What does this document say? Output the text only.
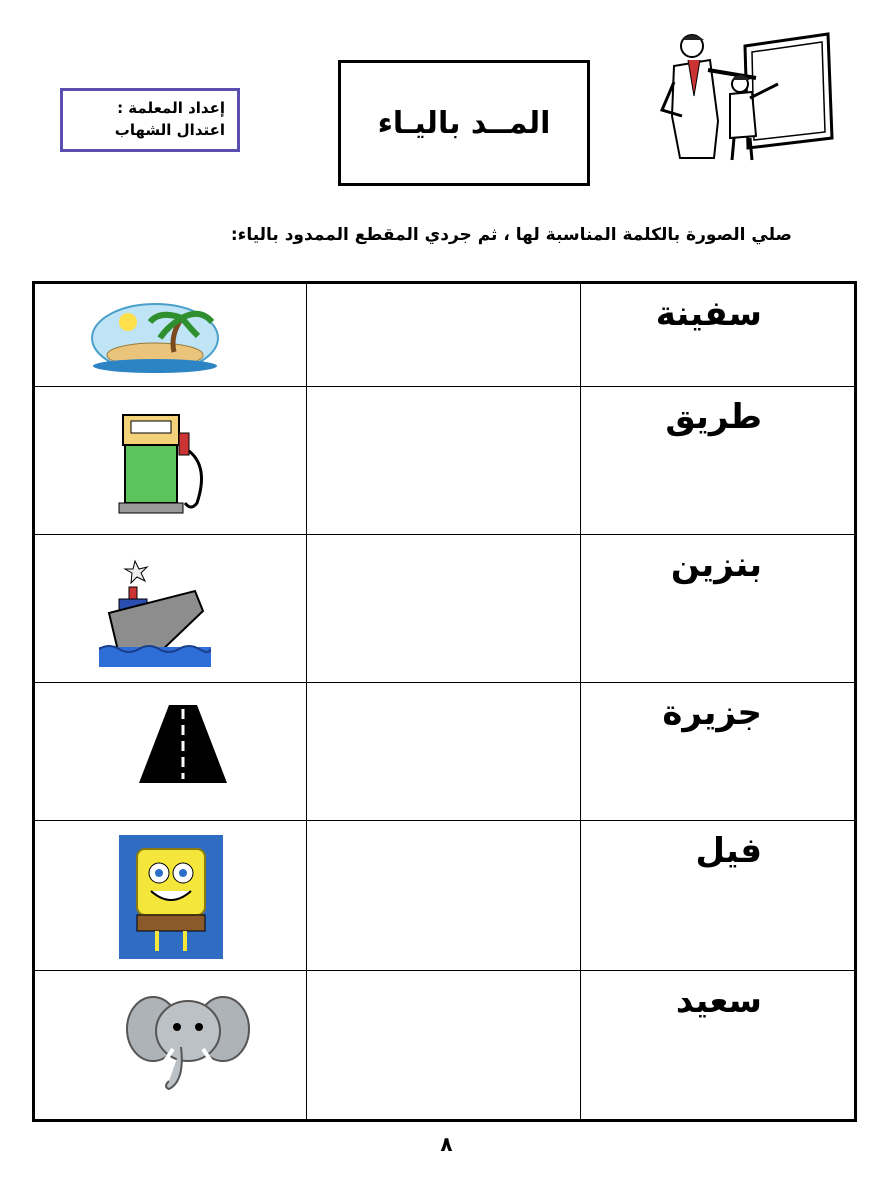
إعداد المعلمة :
اعتدال الشهاب	المــد باليـاء
صلي الصورة بالكلمة المناسبة لها ، ثم جردي المقطع الممدود بالياء:
		سفينة

		طريق

		بنزين

		جزيرة

		فيل

		سعيد
٨
